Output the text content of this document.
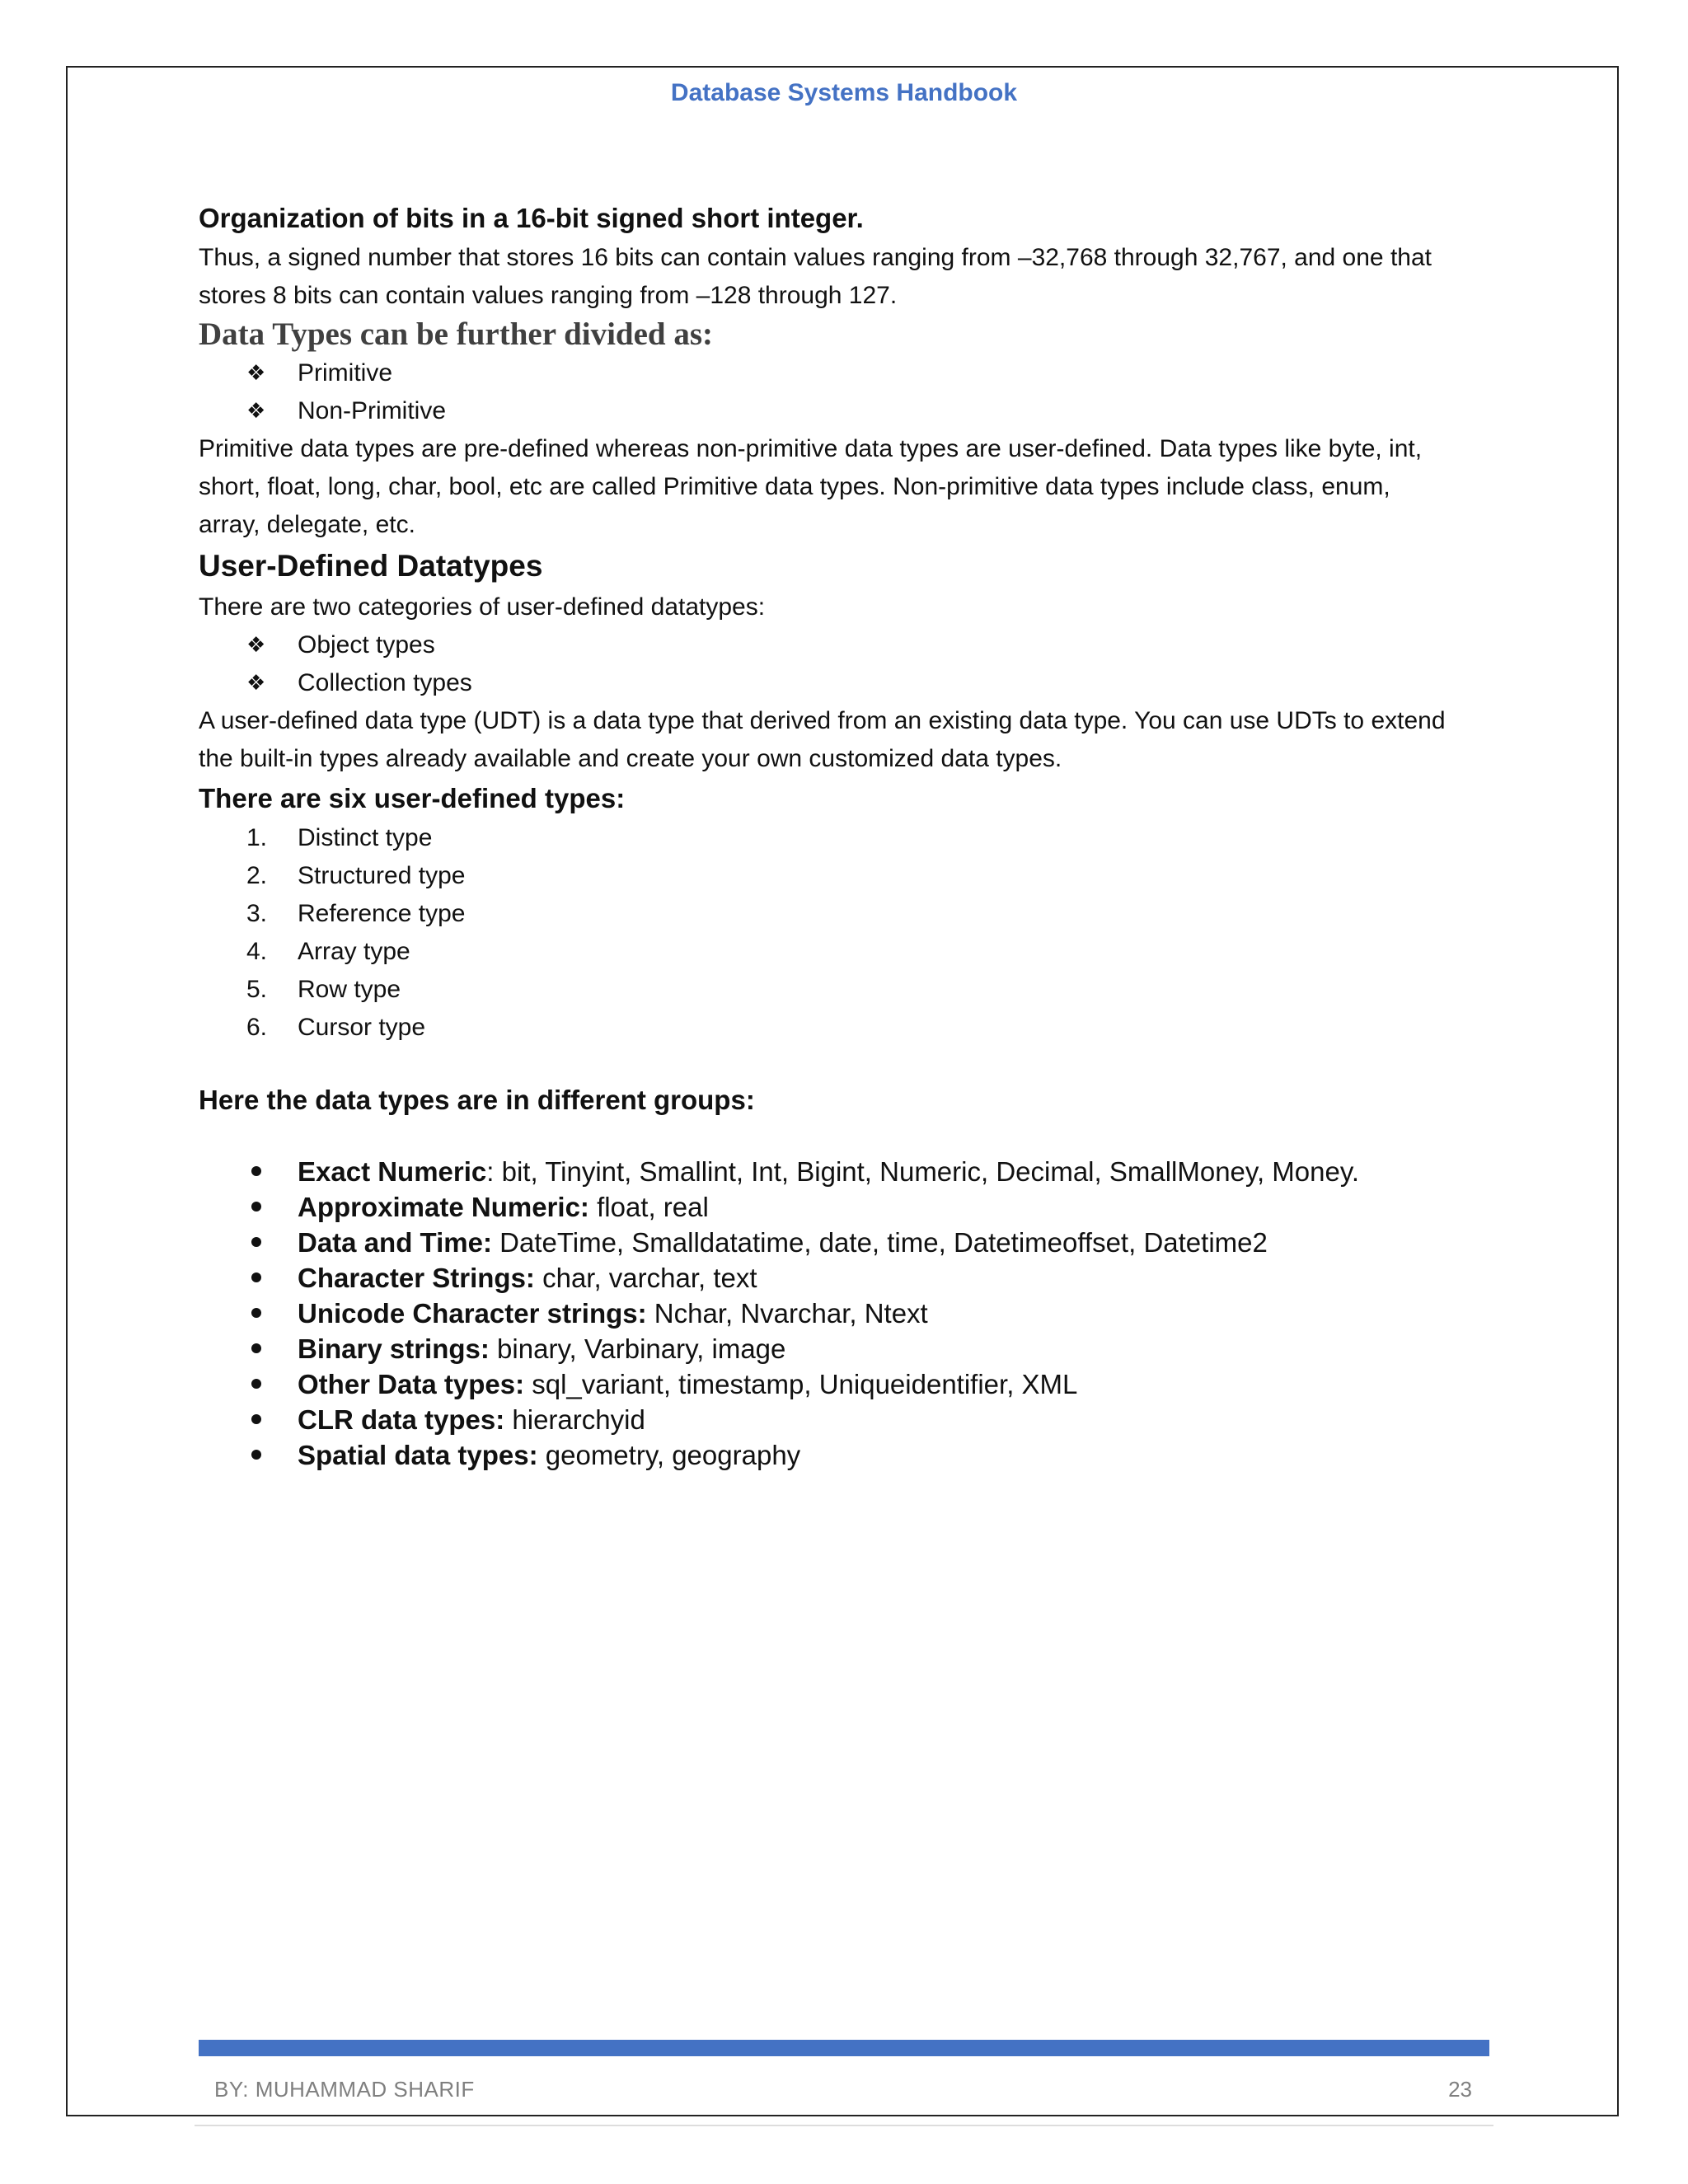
Database Systems Handbook
Organization of bits in a 16-bit signed short integer.

Thus, a signed number that stores 16 bits can contain values ranging from –32,768 through 32,767, and one that

stores 8 bits can contain values ranging from –128 through 127.

Data Types can be further divided as:
❖	Primitive
❖	Non-Primitive

Primitive data types are pre-defined whereas non-primitive data types are user-defined. Data types like byte, int,

short, float, long, char, bool, etc are called Primitive data types. Non-primitive data types include class, enum,

array, delegate, etc.

User-Defined Datatypes

There are two categories of user-defined datatypes:

❖	Object types
❖	Collection types

A user-defined data type (UDT) is a data type that derived from an existing data type. You can use UDTs to extend

the built-in types already available and create your own customized data types.

There are six user-defined types:
1.	Distinct type
2.	Structured type
3.	Reference type
4.	Array type
5.	Row type
6.	Cursor type
Here the data types are in different groups:
Exact Numeric: bit, Tinyint, Smallint, Int, Bigint, Numeric, Decimal, SmallMoney, Money.
Approximate Numeric: float, real
Data and Time: DateTime, Smalldatatime, date, time, Datetimeoffset, Datetime2
Character Strings: char, varchar, text
Unicode Character strings: Nchar, Nvarchar, Ntext
Binary strings: binary, Varbinary, image
Other Data types: sql_variant, timestamp, Uniqueidentifier, XML
CLR data types: hierarchyid
Spatial data types: geometry, geography
BY: MUHAMMAD SHARIF	23
